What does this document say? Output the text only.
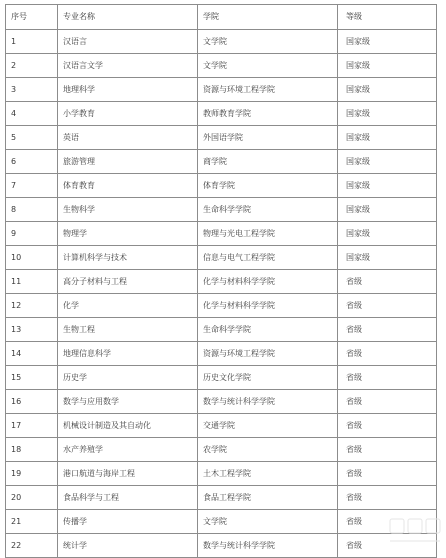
序号	专业名称	学院	等级
1	汉语言	文学院	国家级
2	汉语言文学	文学院	国家级
3	地理科学	资源与环境工程学院	国家级
4	小学教育	教师教育学院	国家级
5	英语	外国语学院	国家级
6	旅游管理	商学院	国家级
7	体育教育	体育学院	国家级
8	生物科学	生命科学学院	国家级
9	物理学	物理与光电工程学院	国家级
10	计算机科学与技术	信息与电气工程学院	国家级
11	高分子材料与工程	化学与材料科学学院	省级
12	化学	化学与材料科学学院	省级
13	生物工程	生命科学学院	省级
14	地理信息科学	资源与环境工程学院	省级
15	历史学	历史文化学院	省级
16	数学与应用数学	数学与统计科学学院	省级
17	机械设计制造及其自动化	交通学院	省级
18	水产养殖学	农学院	省级
19	港口航道与海岸工程	土木工程学院	省级
20	食品科学与工程	食品工程学院	省级
21	传播学	文学院	省级
22	统计学	数学与统计科学学院	省级
